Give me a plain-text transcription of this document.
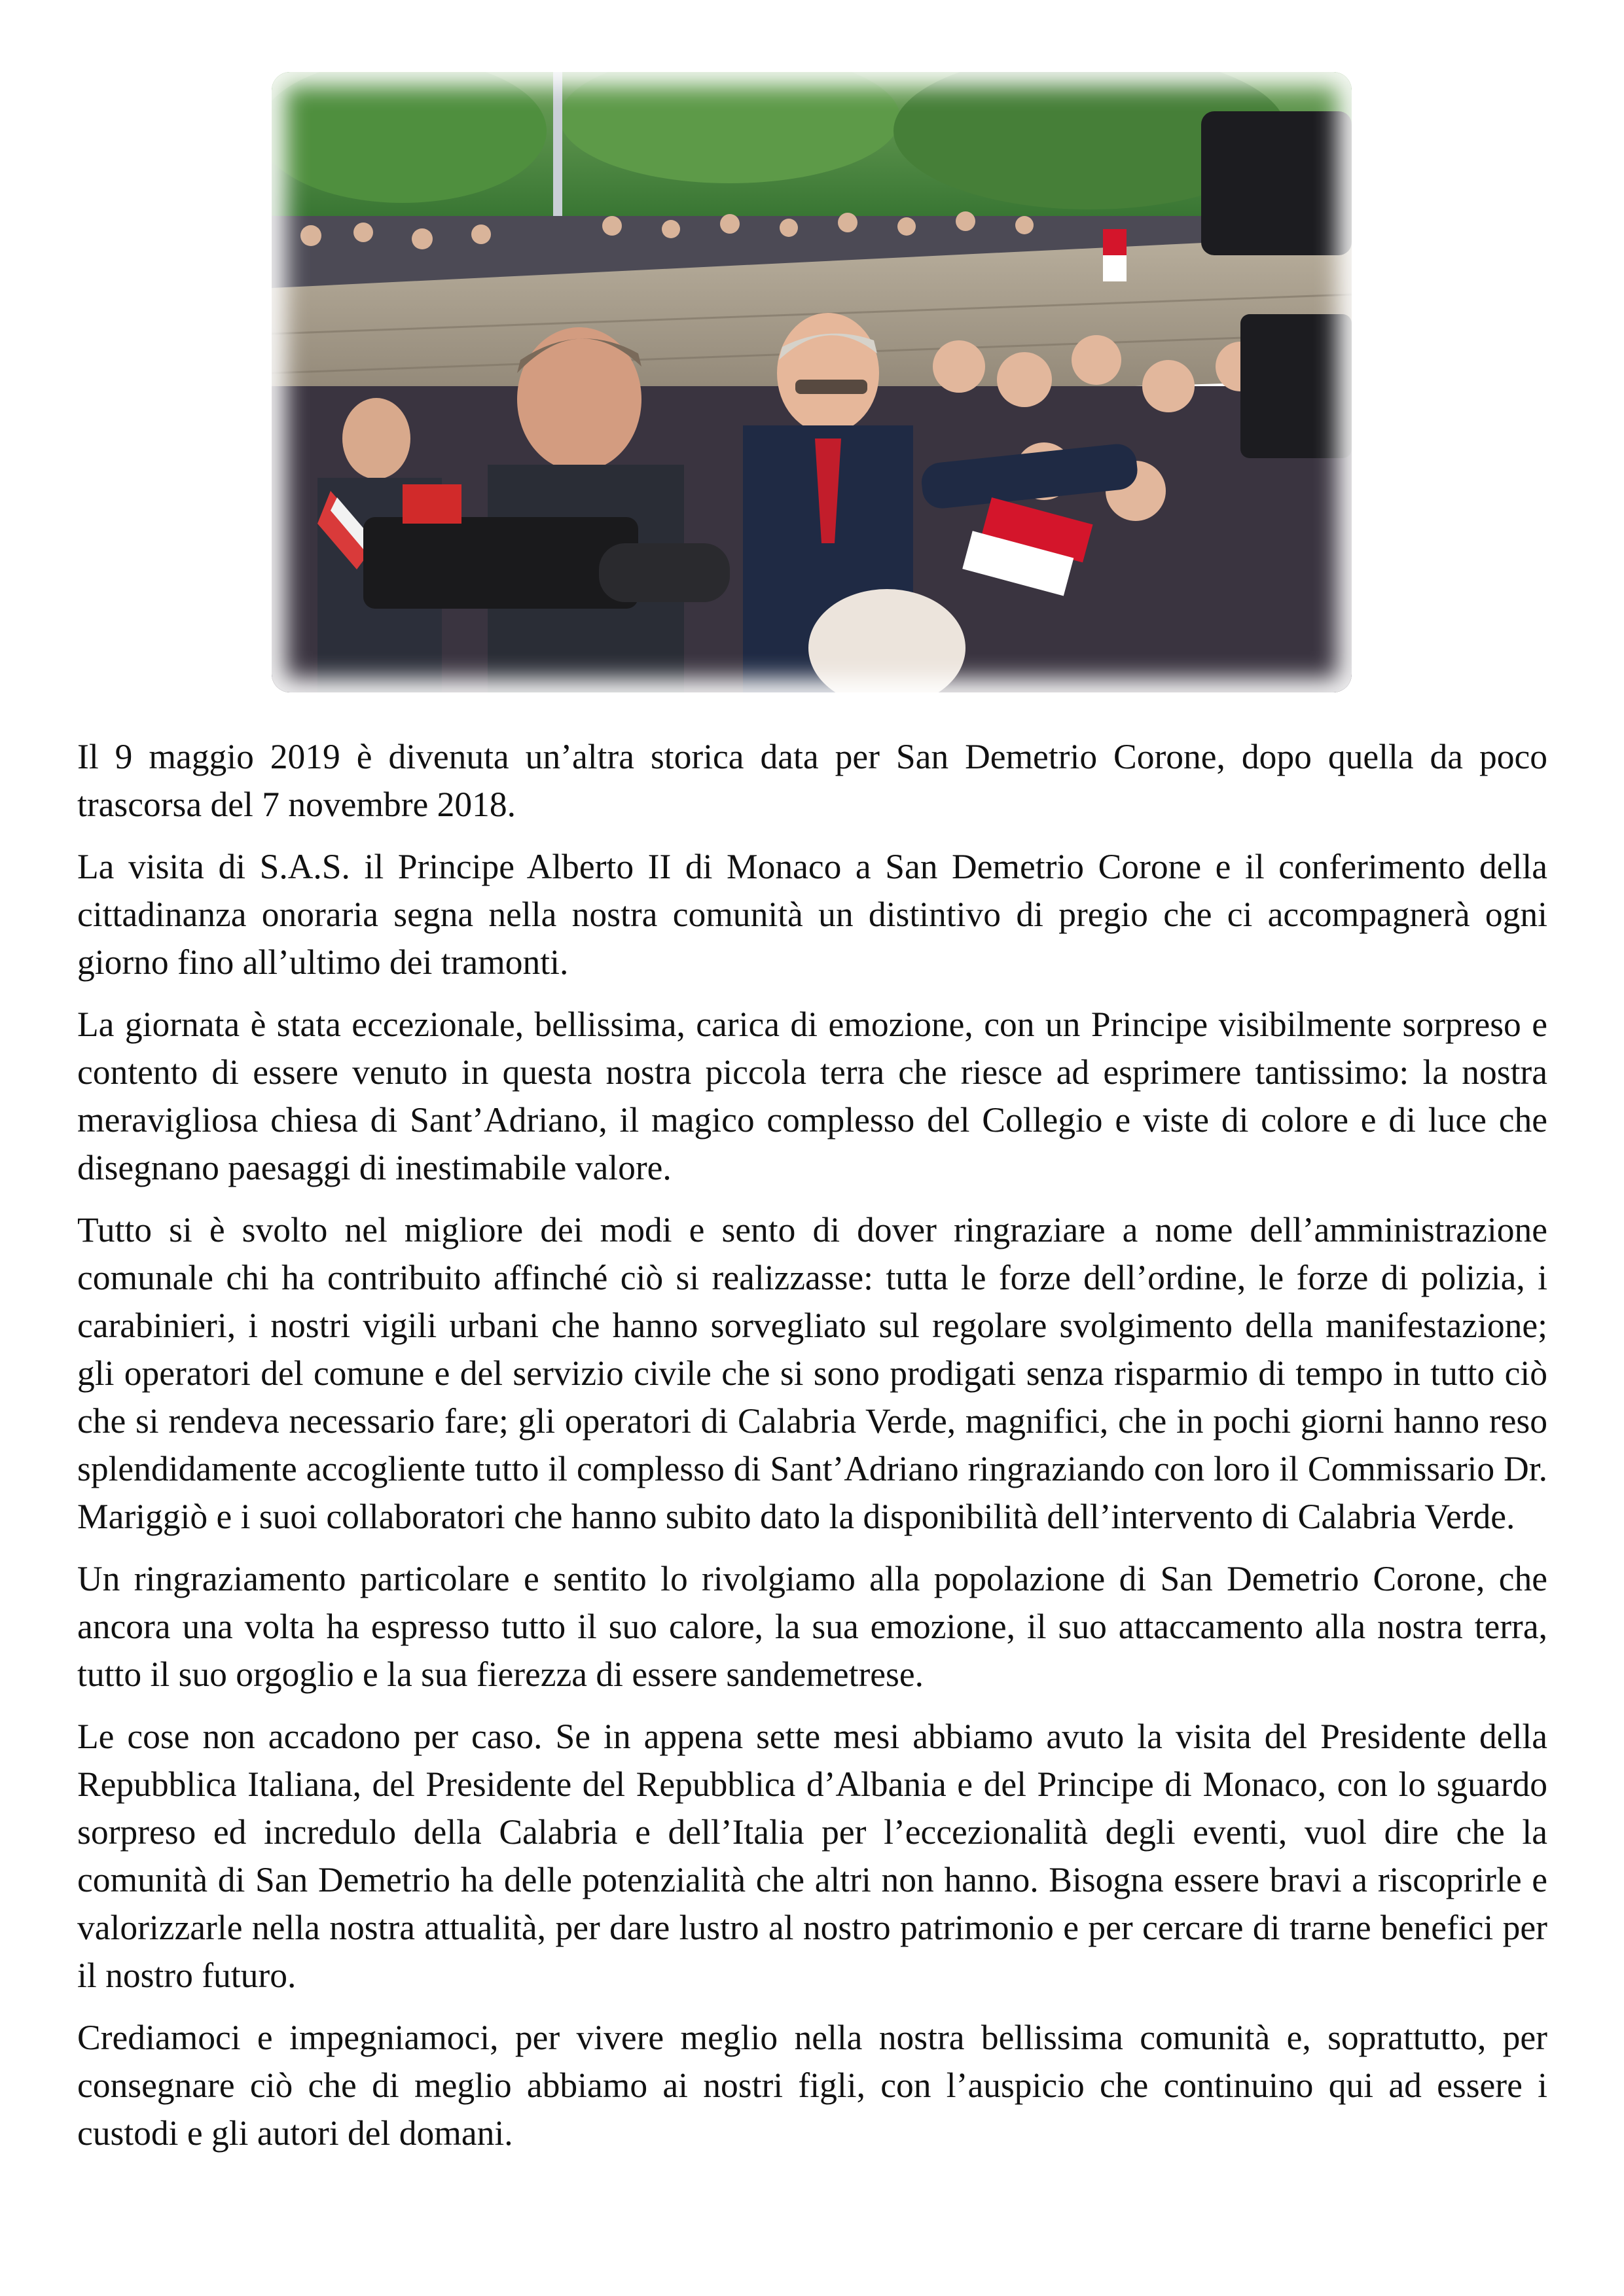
Il 9 maggio 2019 è divenuta un’altra storica data per San Demetrio Corone, dopo quella da poco trascorsa del 7 novembre 2018.

La visita di S.A.S. il Principe Alberto II di Monaco a San Demetrio Corone e il conferimento della cittadinanza onoraria segna nella nostra comunità un distintivo di pregio che ci accompagnerà ogni giorno fino all’ultimo dei tramonti.

La giornata è stata eccezionale, bellissima, carica di emozione, con un Principe visibilmente sorpreso e contento di essere venuto in questa nostra piccola terra che riesce ad esprimere tantissimo: la nostra meravigliosa chiesa di Sant’Adriano, il magico complesso del Collegio e viste di colore e di luce che disegnano paesaggi di inestimabile valore.

Tutto si è svolto nel migliore dei modi e sento di dover ringraziare a nome dell’amministrazione comunale chi ha contribuito affinché ciò si realizzasse: tutta le forze dell’ordine, le forze di polizia, i carabinieri, i nostri vigili urbani che hanno sorvegliato sul regolare svolgimento della manifestazione; gli operatori del comune e del servizio civile che si sono prodigati senza risparmio di tempo in tutto ciò che si rendeva necessario fare; gli operatori di Calabria Verde, magnifici, che in pochi giorni hanno reso splendidamente accogliente tutto il complesso di Sant’Adriano ringraziando con loro il Commissario Dr. Mariggiò e i suoi collaboratori che hanno subito dato la disponibilità dell’intervento di Calabria Verde.

Un ringraziamento particolare e sentito lo rivolgiamo alla popolazione di San Demetrio Corone, che ancora una volta ha espresso tutto il suo calore, la sua emozione, il suo attaccamento alla nostra terra, tutto il suo orgoglio e la sua fierezza di essere sandemetrese.

Le cose non accadono per caso. Se in appena sette mesi abbiamo avuto la visita del Presidente della Repubblica Italiana, del Presidente del Repubblica d’Albania e del Principe di Monaco, con lo sguardo sorpreso ed incredulo della Calabria e dell’Italia per l’eccezionalità degli eventi, vuol dire che la comunità di San Demetrio ha delle potenzialità che altri non hanno. Bisogna essere bravi a riscoprirle e valorizzarle nella nostra attualità, per dare lustro al nostro patrimonio e per cercare di trarne benefici per il nostro futuro.

Crediamoci e impegniamoci, per vivere meglio nella nostra bellissima comunità e, soprattutto, per consegnare ciò che di meglio abbiamo ai nostri figli, con l’auspicio che continuino qui ad essere i custodi e gli autori del domani.
